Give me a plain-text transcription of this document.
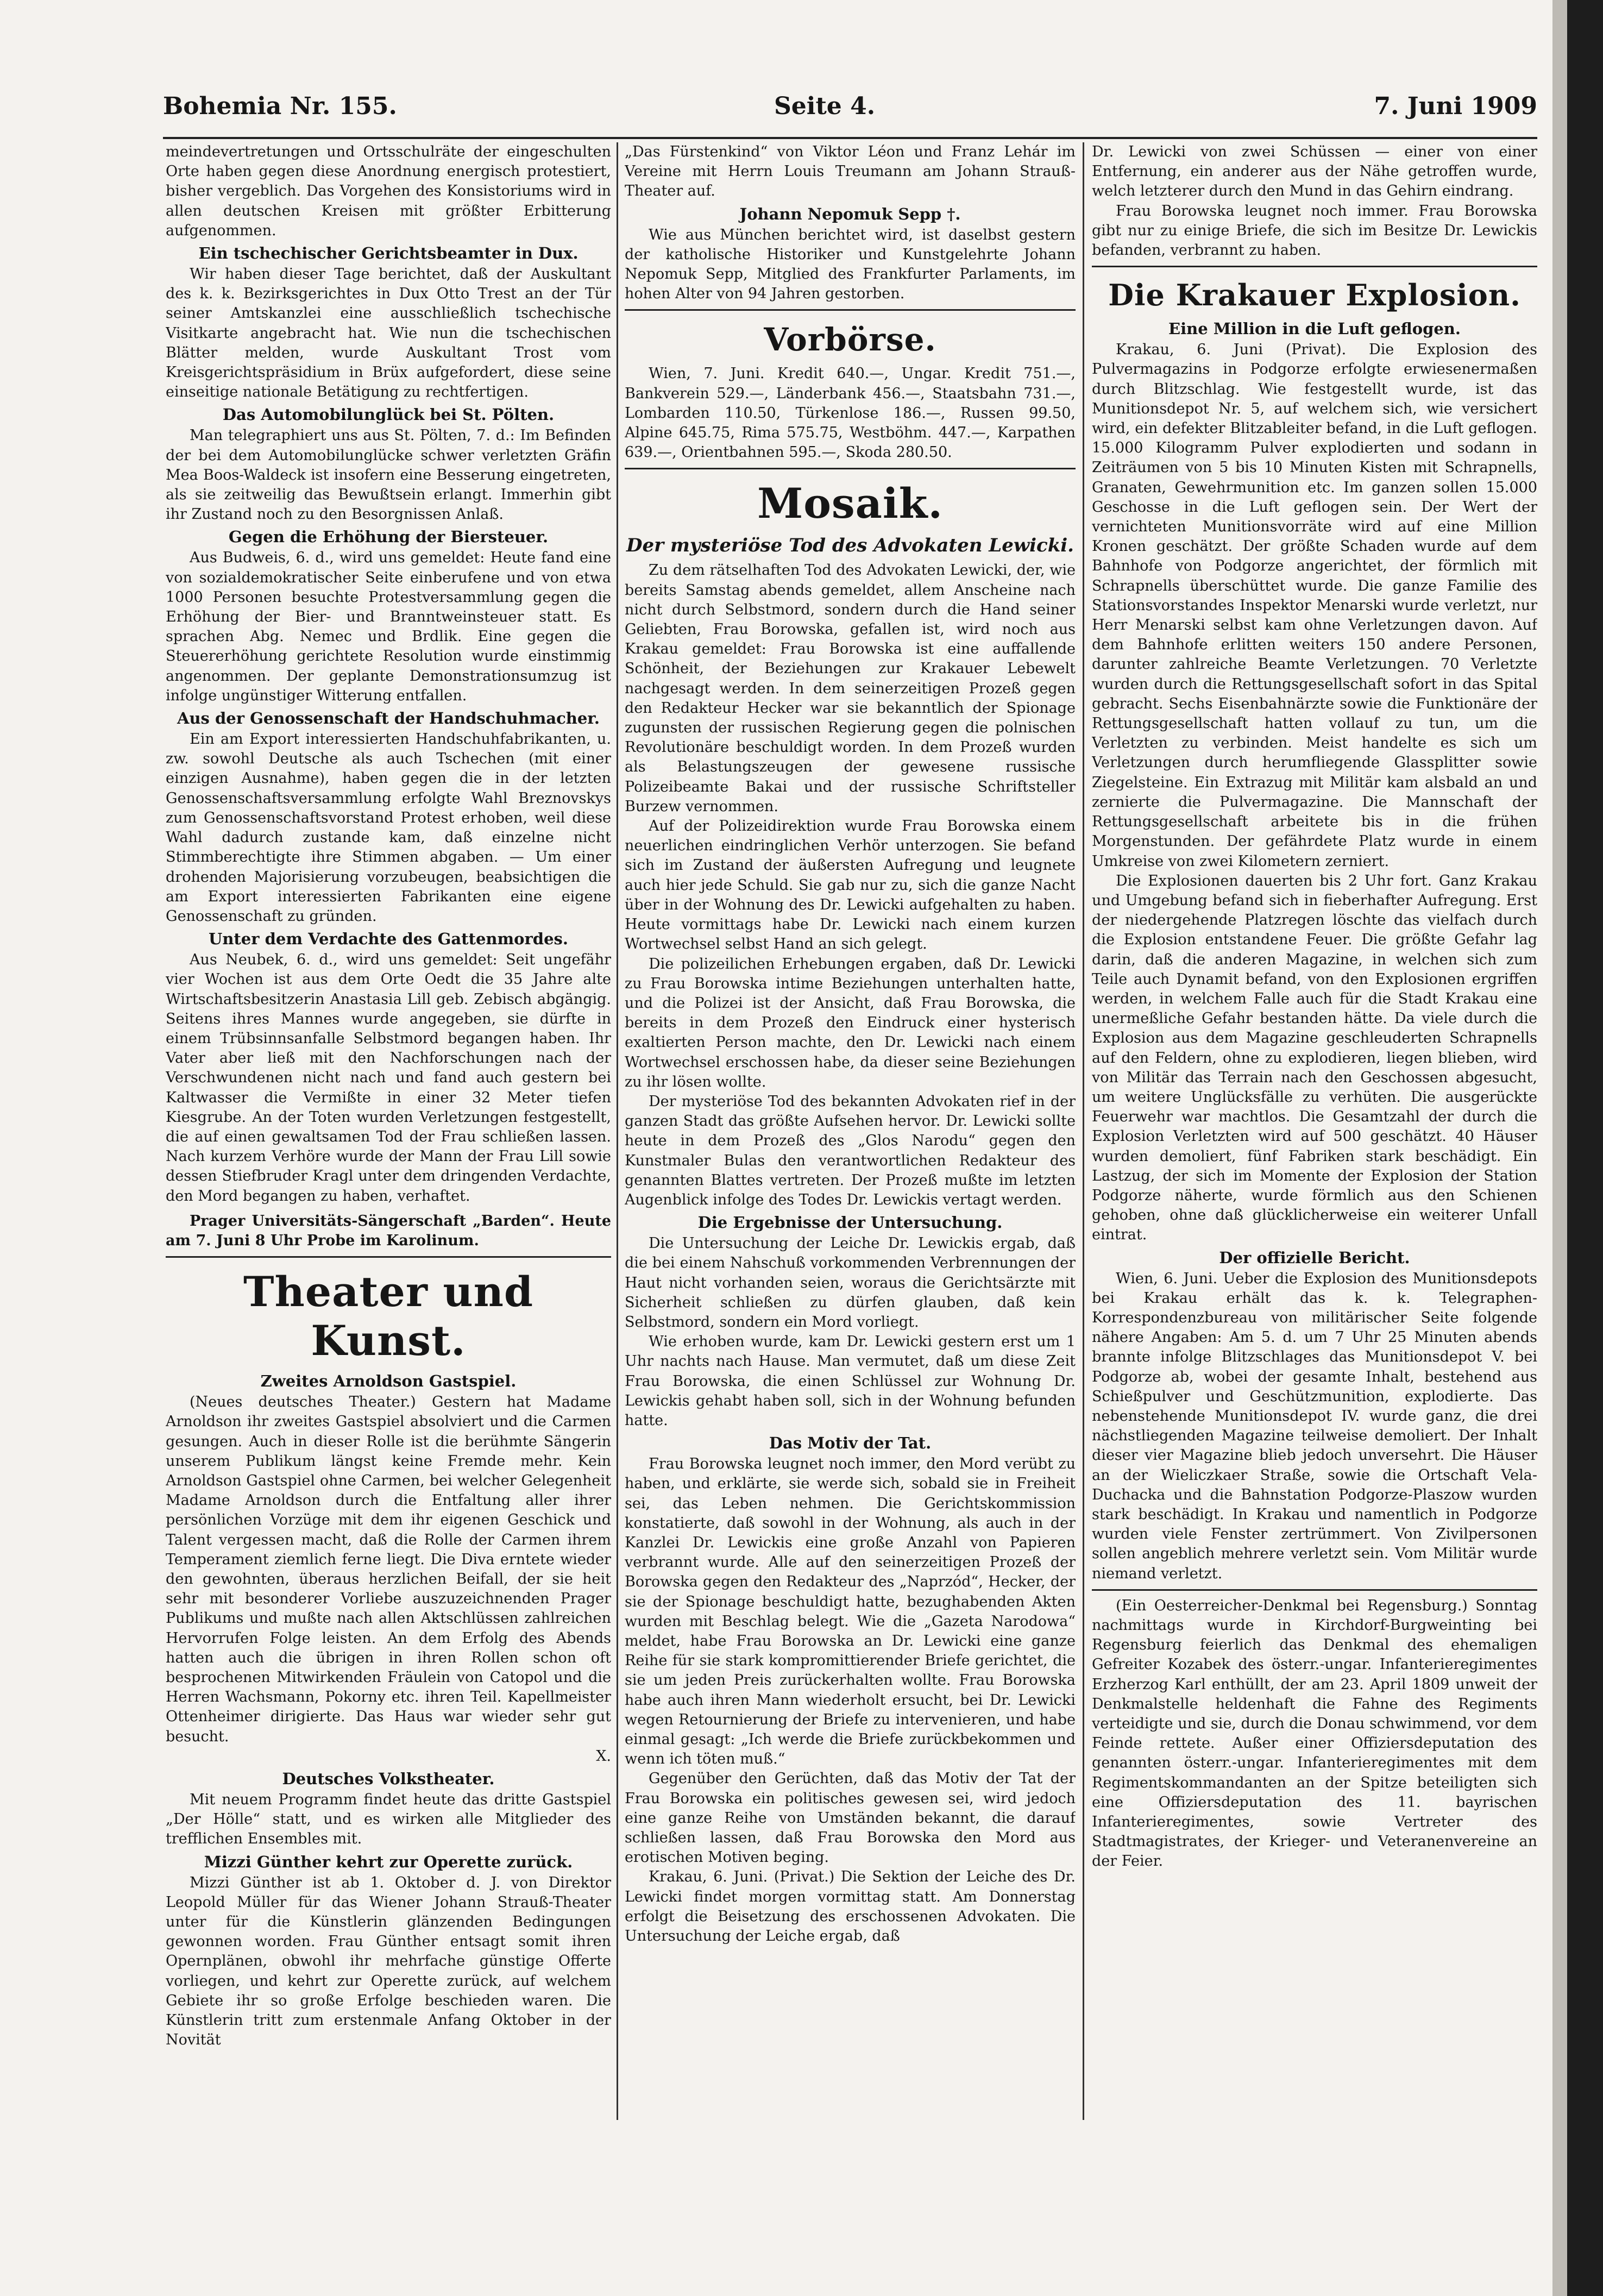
Bohemia Nr. 155.	Seite 4.	7. Juni 1909

meindevertretungen und Ortsschulräte der eingeschulten Orte haben gegen diese Anordnung energisch protestiert, bisher vergeblich. Das Vorgehen des Konsistoriums wird in allen deutschen Kreisen mit größter Erbitterung aufgenommen.

Ein tschechischer Gerichtsbeamter in Dux.

Wir haben dieser Tage berichtet, daß der Auskultant des k. k. Bezirksgerichtes in Dux Otto Trest an der Tür seiner Amtskanzlei eine ausschließlich tschechische Visitkarte angebracht hat. Wie nun die tschechischen Blätter melden, wurde Auskultant Trost vom Kreisgerichtspräsidium in Brüx aufgefordert, diese seine einseitige nationale Betätigung zu rechtfertigen.

Das Automobilunglück bei St. Pölten.

Man telegraphiert uns aus St. Pölten, 7. d.: Im Befinden der bei dem Automobilunglücke schwer verletzten Gräfin Mea Boos-Waldeck ist insofern eine Besserung eingetreten, als sie zeitweilig das Bewußtsein erlangt. Immerhin gibt ihr Zustand noch zu den Besorgnissen Anlaß.

Gegen die Erhöhung der Biersteuer.

Aus Budweis, 6. d., wird uns gemeldet: Heute fand eine von sozialdemokratischer Seite einberufene und von etwa 1000 Personen besuchte Protestversammlung gegen die Erhöhung der Bier- und Branntweinsteuer statt. Es sprachen Abg. Nemec und Brdlik. Eine gegen die Steuererhöhung gerichtete Resolution wurde einstimmig angenommen. Der geplante Demonstrationsumzug ist infolge ungünstiger Witterung entfallen.

Aus der Genossenschaft der Handschuhmacher.

Ein am Export interessierten Handschuhfabrikanten, u. zw. sowohl Deutsche als auch Tschechen (mit einer einzigen Ausnahme), haben gegen die in der letzten Genossenschaftsversammlung erfolgte Wahl Breznovskys zum Genossenschaftsvorstand Protest erhoben, weil diese Wahl dadurch zustande kam, daß einzelne nicht Stimmberechtigte ihre Stimmen abgaben. — Um einer drohenden Majorisierung vorzubeugen, beabsichtigen die am Export interessierten Fabrikanten eine eigene Genossenschaft zu gründen.

Unter dem Verdachte des Gattenmordes.

Aus Neubek, 6. d., wird uns gemeldet: Seit ungefähr vier Wochen ist aus dem Orte Oedt die 35 Jahre alte Wirtschaftsbesitzerin Anastasia Lill geb. Zebisch abgängig. Seitens ihres Mannes wurde angegeben, sie dürfte in einem Trübsinnsanfalle Selbstmord begangen haben. Ihr Vater aber ließ mit den Nachforschungen nach der Verschwundenen nicht nach und fand auch gestern bei Kaltwasser die Vermißte in einer 32 Meter tiefen Kiesgrube. An der Toten wurden Verletzungen festgestellt, die auf einen gewaltsamen Tod der Frau schließen lassen. Nach kurzem Verhöre wurde der Mann der Frau Lill sowie dessen Stiefbruder Kragl unter dem dringenden Verdachte, den Mord begangen zu haben, verhaftet.

Prager Universitäts-Sängerschaft „Barden“. Heute am 7. Juni 8 Uhr Probe im Karolinum.

Theater und Kunst.
Zweites Arnoldson Gastspiel.

(Neues deutsches Theater.) Gestern hat Madame Arnoldson ihr zweites Gastspiel absolviert und die Carmen gesungen. Auch in dieser Rolle ist die berühmte Sängerin unserem Publikum längst keine Fremde mehr. Kein Arnoldson Gastspiel ohne Carmen, bei welcher Gelegenheit Madame Arnoldson durch die Entfaltung aller ihrer persönlichen Vorzüge mit dem ihr eigenen Geschick und Talent vergessen macht, daß die Rolle der Carmen ihrem Temperament ziemlich ferne liegt. Die Diva erntete wieder den gewohnten, überaus herzlichen Beifall, der sie heit sehr mit besonderer Vorliebe auszuzeichnenden Prager Publikums und mußte nach allen Aktschlüssen zahlreichen Hervorrufen Folge leisten. An dem Erfolg des Abends hatten auch die übrigen in ihren Rollen schon oft besprochenen Mitwirkenden Fräulein von Catopol und die Herren Wachsmann, Pokorny etc. ihren Teil. Kapellmeister Ottenheimer dirigierte. Das Haus war wieder sehr gut besucht.

X.

Deutsches Volkstheater.

Mit neuem Programm findet heute das dritte Gastspiel „Der Hölle“ statt, und es wirken alle Mitglieder des trefflichen Ensembles mit.

Mizzi Günther kehrt zur Operette zurück.

Mizzi Günther ist ab 1. Oktober d. J. von Direktor Leopold Müller für das Wiener Johann Strauß-Theater unter für die Künstlerin glänzenden Bedingungen gewonnen worden. Frau Günther entsagt somit ihren Opernplänen, obwohl ihr mehrfache günstige Offerte vorliegen, und kehrt zur Operette zurück, auf welchem Gebiete ihr so große Erfolge beschieden waren. Die Künstlerin tritt zum erstenmale Anfang Oktober in der Novität

„Das Fürstenkind“ von Viktor Léon und Franz Lehár im Vereine mit Herrn Louis Treumann am Johann Strauß-Theater auf.

Johann Nepomuk Sepp †.

Wie aus München berichtet wird, ist daselbst gestern der katholische Historiker und Kunstgelehrte Johann Nepomuk Sepp, Mitglied des Frankfurter Parlaments, im hohen Alter von 94 Jahren gestorben.

Vorbörse.

Wien, 7. Juni. Kredit 640.—, Ungar. Kredit 751.—, Bankverein 529.—, Länderbank 456.—, Staatsbahn 731.—, Lombarden 110.50, Türkenlose 186.—, Russen 99.50, Alpine 645.75, Rima 575.75, Westböhm. 447.—, Karpathen 639.—, Orientbahnen 595.—, Skoda 280.50.

Mosaik.
Der mysteriöse Tod des Advokaten Lewicki.

Zu dem rätselhaften Tod des Advokaten Lewicki, der, wie bereits Samstag abends gemeldet, allem Anscheine nach nicht durch Selbstmord, sondern durch die Hand seiner Geliebten, Frau Borowska, gefallen ist, wird noch aus Krakau gemeldet: Frau Borowska ist eine auffallende Schönheit, der Beziehungen zur Krakauer Lebewelt nachgesagt werden. In dem seinerzeitigen Prozeß gegen den Redakteur Hecker war sie bekanntlich der Spionage zugunsten der russischen Regierung gegen die polnischen Revolutionäre beschuldigt worden. In dem Prozeß wurden als Belastungszeugen der gewesene russische Polizeibeamte Bakai und der russische Schriftsteller Burzew vernommen.

Auf der Polizeidirektion wurde Frau Borowska einem neuerlichen eindringlichen Verhör unterzogen. Sie befand sich im Zustand der äußersten Aufregung und leugnete auch hier jede Schuld. Sie gab nur zu, sich die ganze Nacht über in der Wohnung des Dr. Lewicki aufgehalten zu haben. Heute vormittags habe Dr. Lewicki nach einem kurzen Wortwechsel selbst Hand an sich gelegt.

Die polizeilichen Erhebungen ergaben, daß Dr. Lewicki zu Frau Borowska intime Beziehungen unterhalten hatte, und die Polizei ist der Ansicht, daß Frau Borowska, die bereits in dem Prozeß den Eindruck einer hysterisch exaltierten Person machte, den Dr. Lewicki nach einem Wortwechsel erschossen habe, da dieser seine Beziehungen zu ihr lösen wollte.

Der mysteriöse Tod des bekannten Advokaten rief in der ganzen Stadt das größte Aufsehen hervor. Dr. Lewicki sollte heute in dem Prozeß des „Glos Narodu“ gegen den Kunstmaler Bulas den verantwortlichen Redakteur des genannten Blattes vertreten. Der Prozeß mußte im letzten Augenblick infolge des Todes Dr. Lewickis vertagt werden.

Die Ergebnisse der Untersuchung.

Die Untersuchung der Leiche Dr. Lewickis ergab, daß die bei einem Nahschuß vorkommenden Verbrennungen der Haut nicht vorhanden seien, woraus die Gerichtsärzte mit Sicherheit schließen zu dürfen glauben, daß kein Selbstmord, sondern ein Mord vorliegt.

Wie erhoben wurde, kam Dr. Lewicki gestern erst um 1 Uhr nachts nach Hause. Man vermutet, daß um diese Zeit Frau Borowska, die einen Schlüssel zur Wohnung Dr. Lewickis gehabt haben soll, sich in der Wohnung befunden hatte.

Das Motiv der Tat.

Frau Borowska leugnet noch immer, den Mord verübt zu haben, und erklärte, sie werde sich, sobald sie in Freiheit sei, das Leben nehmen. Die Gerichtskommission konstatierte, daß sowohl in der Wohnung, als auch in der Kanzlei Dr. Lewickis eine große Anzahl von Papieren verbrannt wurde. Alle auf den seinerzeitigen Prozeß der Borowska gegen den Redakteur des „Naprzód“, Hecker, der sie der Spionage beschuldigt hatte, bezughabenden Akten wurden mit Beschlag belegt. Wie die „Gazeta Narodowa“ meldet, habe Frau Borowska an Dr. Lewicki eine ganze Reihe für sie stark kompromittierender Briefe gerichtet, die sie um jeden Preis zurückerhalten wollte. Frau Borowska habe auch ihren Mann wiederholt ersucht, bei Dr. Lewicki wegen Retournierung der Briefe zu intervenieren, und habe einmal gesagt: „Ich werde die Briefe zurückbekommen und wenn ich töten muß.“

Gegenüber den Gerüchten, daß das Motiv der Tat der Frau Borowska ein politisches gewesen sei, wird jedoch eine ganze Reihe von Umständen bekannt, die darauf schließen lassen, daß Frau Borowska den Mord aus erotischen Motiven beging.

Krakau, 6. Juni. (Privat.) Die Sektion der Leiche des Dr. Lewicki findet morgen vormittag statt. Am Donnerstag erfolgt die Beisetzung des erschossenen Advokaten. Die Untersuchung der Leiche ergab, daß

Dr. Lewicki von zwei Schüssen — einer von einer Entfernung, ein anderer aus der Nähe getroffen wurde, welch letzterer durch den Mund in das Gehirn eindrang.

Frau Borowska leugnet noch immer. Frau Borowska gibt nur zu einige Briefe, die sich im Besitze Dr. Lewickis befanden, verbrannt zu haben.

Die Krakauer Explosion.
Eine Million in die Luft geflogen.

Krakau, 6. Juni (Privat). Die Explosion des Pulvermagazins in Podgorze erfolgte erwiesenermaßen durch Blitzschlag. Wie festgestellt wurde, ist das Munitionsdepot Nr. 5, auf welchem sich, wie versichert wird, ein defekter Blitzableiter befand, in die Luft geflogen. 15.000 Kilogramm Pulver explodierten und sodann in Zeiträumen von 5 bis 10 Minuten Kisten mit Schrapnells, Granaten, Gewehrmunition etc. Im ganzen sollen 15.000 Geschosse in die Luft geflogen sein. Der Wert der vernichteten Munitionsvorräte wird auf eine Million Kronen geschätzt. Der größte Schaden wurde auf dem Bahnhofe von Podgorze angerichtet, der förmlich mit Schrapnells überschüttet wurde. Die ganze Familie des Stationsvorstandes Inspektor Menarski wurde verletzt, nur Herr Menarski selbst kam ohne Verletzungen davon. Auf dem Bahnhofe erlitten weiters 150 andere Personen, darunter zahlreiche Beamte Verletzungen. 70 Verletzte wurden durch die Rettungsgesellschaft sofort in das Spital gebracht. Sechs Eisenbahnärzte sowie die Funktionäre der Rettungsgesellschaft hatten vollauf zu tun, um die Verletzten zu verbinden. Meist handelte es sich um Verletzungen durch herumfliegende Glassplitter sowie Ziegelsteine. Ein Extrazug mit Militär kam alsbald an und zernierte die Pulvermagazine. Die Mannschaft der Rettungsgesellschaft arbeitete bis in die frühen Morgenstunden. Der gefährdete Platz wurde in einem Umkreise von zwei Kilometern zerniert.

Die Explosionen dauerten bis 2 Uhr fort. Ganz Krakau und Umgebung befand sich in fieberhafter Aufregung. Erst der niedergehende Platzregen löschte das vielfach durch die Explosion entstandene Feuer. Die größte Gefahr lag darin, daß die anderen Magazine, in welchen sich zum Teile auch Dynamit befand, von den Explosionen ergriffen werden, in welchem Falle auch für die Stadt Krakau eine unermeßliche Gefahr bestanden hätte. Da viele durch die Explosion aus dem Magazine geschleuderten Schrapnells auf den Feldern, ohne zu explodieren, liegen blieben, wird von Militär das Terrain nach den Geschossen abgesucht, um weitere Unglücksfälle zu verhüten. Die ausgerückte Feuerwehr war machtlos. Die Gesamtzahl der durch die Explosion Verletzten wird auf 500 geschätzt. 40 Häuser wurden demoliert, fünf Fabriken stark beschädigt. Ein Lastzug, der sich im Momente der Explosion der Station Podgorze näherte, wurde förmlich aus den Schienen gehoben, ohne daß glücklicherweise ein weiterer Unfall eintrat.

Der offizielle Bericht.

Wien, 6. Juni. Ueber die Explosion des Munitionsdepots bei Krakau erhält das k. k. Telegraphen-Korrespondenzbureau von militärischer Seite folgende nähere Angaben: Am 5. d. um 7 Uhr 25 Minuten abends brannte infolge Blitzschlages das Munitionsdepot V. bei Podgorze ab, wobei der gesamte Inhalt, bestehend aus Schießpulver und Geschützmunition, explodierte. Das nebenstehende Munitionsdepot IV. wurde ganz, die drei nächstliegenden Magazine teilweise demoliert. Der Inhalt dieser vier Magazine blieb jedoch unversehrt. Die Häuser an der Wieliczkaer Straße, sowie die Ortschaft Vela-Duchacka und die Bahnstation Podgorze-Plaszow wurden stark beschädigt. In Krakau und namentlich in Podgorze wurden viele Fenster zertrümmert. Von Zivilpersonen sollen angeblich mehrere verletzt sein. Vom Militär wurde niemand verletzt.

(Ein Oesterreicher-Denkmal bei Regensburg.) Sonntag nachmittags wurde in Kirchdorf-Burgweinting bei Regensburg feierlich das Denkmal des ehemaligen Gefreiter Kozabek des österr.-ungar. Infanterieregimentes Erzherzog Karl enthüllt, der am 23. April 1809 unweit der Denkmalstelle heldenhaft die Fahne des Regiments verteidigte und sie, durch die Donau schwimmend, vor dem Feinde rettete. Außer einer Offiziersdeputation des genannten österr.-ungar. Infanterieregimentes mit dem Regimentskommandanten an der Spitze beteiligten sich eine Offiziersdeputation des 11. bayrischen Infanterieregimentes, sowie Vertreter des Stadtmagistrates, der Krieger- und Veteranenvereine an der Feier.
